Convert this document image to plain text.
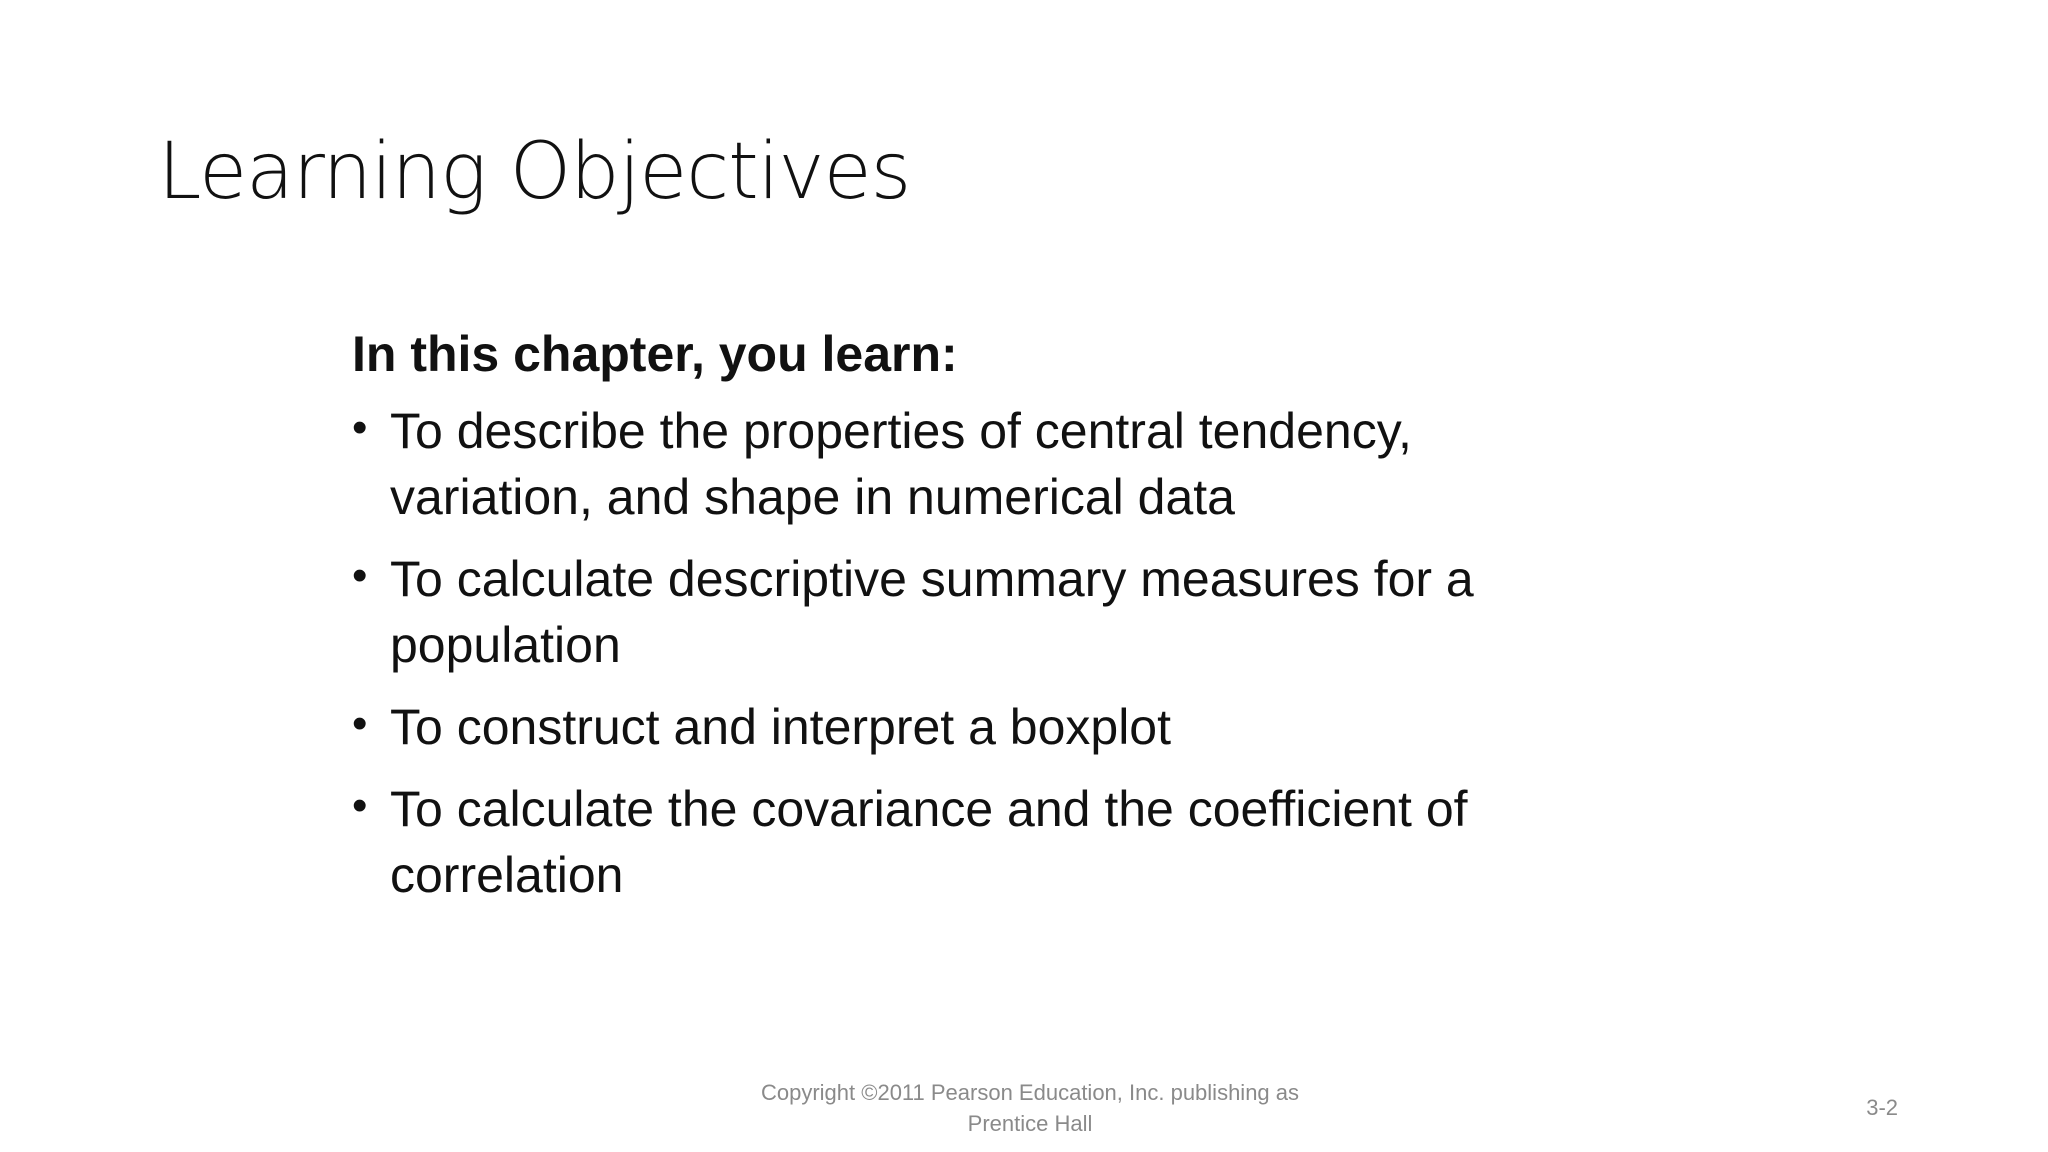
Learning Objectives

In this chapter, you learn:

• To describe the properties of central tendency,
variation, and shape in numerical data
• To calculate descriptive summary measures for a
population
• To construct and interpret a boxplot
• To calculate the covariance and the coefficient of
correlation
Copyright ©2011 Pearson Education, Inc. publishing as
Prentice Hall
3-2
